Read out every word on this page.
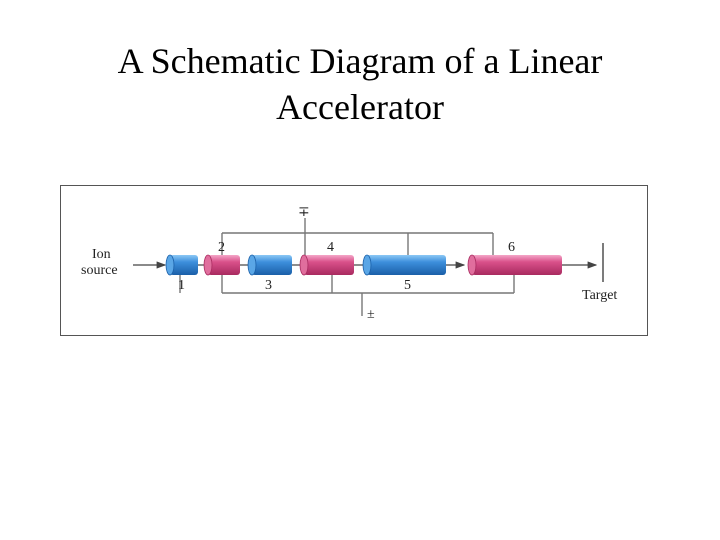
A Schematic Diagram of a Linear
Accelerator
Ion
source
Target
∓
±
1
2
3
4
5
6
